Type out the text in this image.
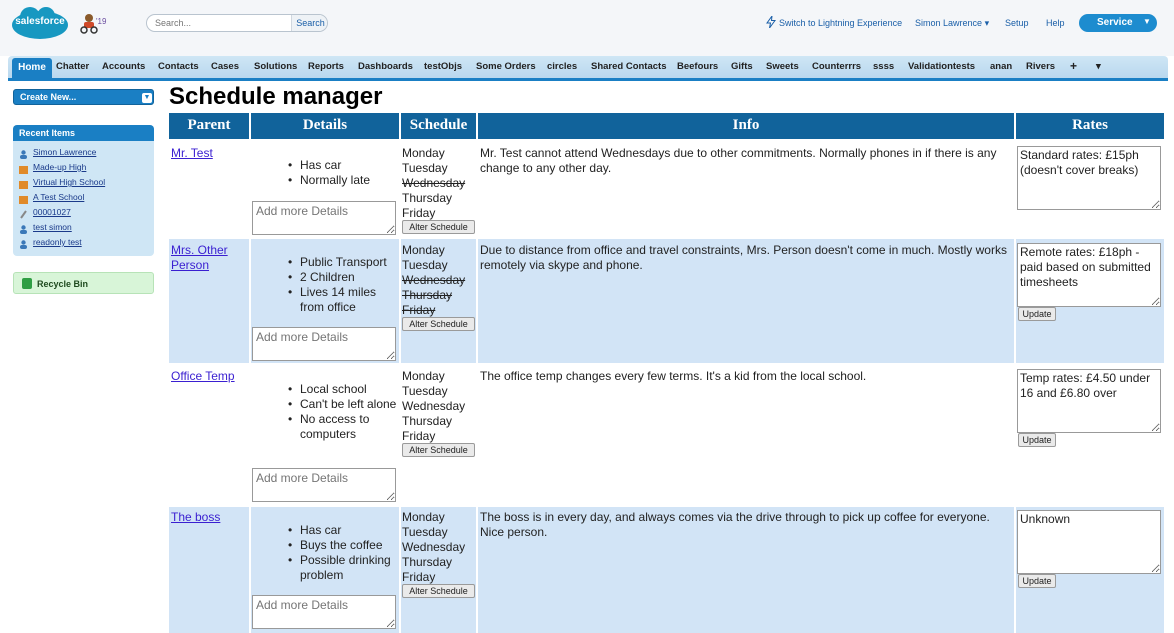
salesforce	'19
Search...	Search	Switch to Lightning Experience Simon Lawrence ▾ Setup Help	Service ▼
Home	Chatter Accounts Contacts Cases Solutions Reports Dashboards testObjs Some Orders circles Shared Contacts Beefours Gifts Sweets Counterrrs ssss Validationtests anan Rivers + ▾
Create New...	▼
Recent Items
Simon Lawrence
Made-up High
Virtual High School
A Test School
00001027
test simon
readonly test
Recycle Bin
Schedule manager
Parent	Details	Schedule	Info	Rates
Mr. Test
• Has car
• Normally late
Add more Details
Monday
Tuesday
Wednesday
Thursday
Friday
Alter Schedule
Mr. Test cannot attend Wednesdays due to other commitments. Normally phones in if there is any change to any other day.
Standard rates: £15ph (doesn't cover breaks)
Mrs. Other Person
•	Public Transport
• 2 Children
• Lives 14 miles from office
Add more Details
Monday
Tuesday
Wednesday
Thursday
Friday
Alter Schedule
Due to distance from office and travel constraints, Mrs. Person doesn't come in much. Mostly works remotely via skype and phone.
Remote rates: £18ph - paid based on submitted timesheets
Update
Office Temp
• Local school
• Can't be left alone
• No access to computers
Add more Details
Monday
Tuesday
Wednesday
Thursday
Friday
Alter Schedule
The office temp changes every few terms. It's a kid from the local school.	Temp rates: £4.50 under 16 and £6.80 over
Update
The boss
• Has car
• Buys the coffee
• Possible drinking problem
Add more Details
Monday
Tuesday
Wednesday
Thursday
Friday
Alter Schedule
The boss is in every day, and always comes via the drive through to pick up coffee for everyone. Nice person.
Unknown
Update
